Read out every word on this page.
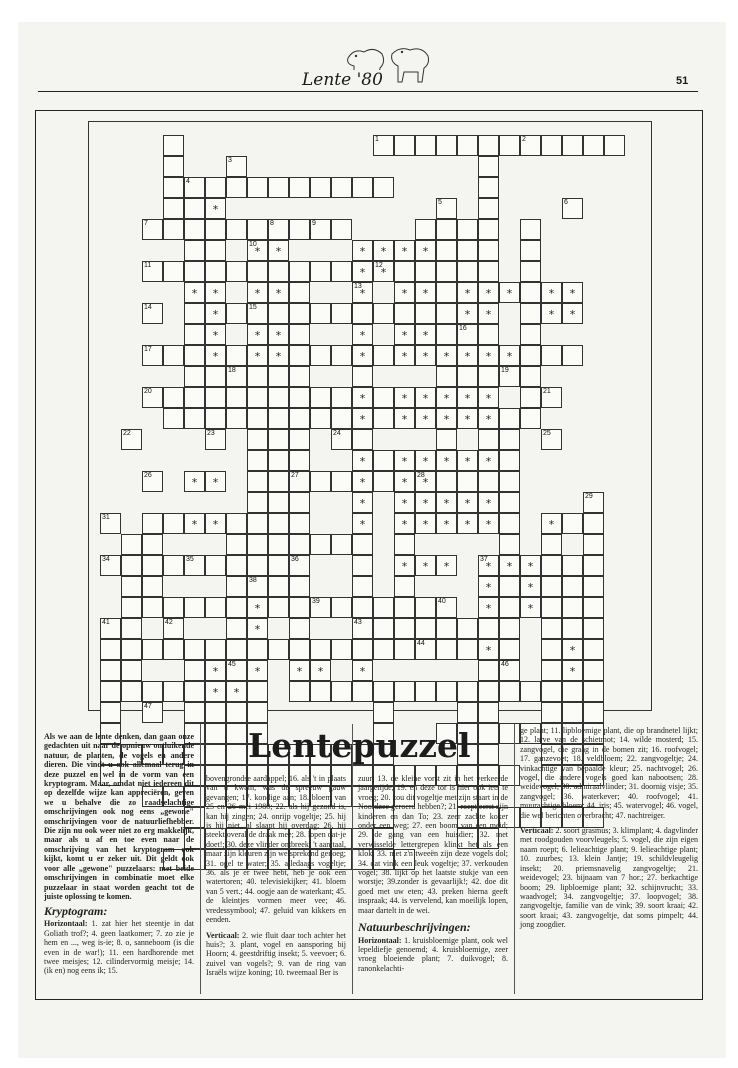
Lente '80	51
1	2
4
7	8	9
11
*	*
12
15
*	*
17
*	*	*	*	*	*	*	*	*
20
*	*	*	*	*	*
*	*	*	*	*	*
*	*	*	*	*	*
27
*	*	*
28
*	*	*
35
*
39
43
44
*
*
*
*
*
*
*
*
38
*
*
36
*
*
13
*
*
*
*
*
*
*
16
*
*
*
*
*
29
*
45
*
*
*
*
10
*	*	*	*
*	*	*	*	*
*	*
*	*
*	*
*	*	*
*	*	*	*	*
*	*	*
37
*
*	*
*	*
*	*	*
*
3
5	6
14
18	19
21
22	23	24	25
26
31
34
40
41	42
46
47
Lentepuzzel
Als we aan de lente denken, dan gaan onze gedachten uit naar de opnieuw ontluikende natuur, de planten, de vogels en andere dieren. Die vindt u ook allemaal terug in deze puzzel en wel in de vorm van een kryptogram. Maar, omdat niet iedereen dit op dezelfde wijze kan appreciëren, geven we u behalve die zo raadselachtige omschrijvingen ook nog eens „gewone" omschrijvingen voor de natuurliefhebber. Die zijn nu ook weer niet zo erg makkelijk, maar als u af en toe even naar de omschrijving van het kryptogram ook kijkt, komt u er zeker uit. Dit geldt ook voor alle „gewone" puzzelaars: met beide omschrijvingen in combinatie moet elke puzzelaar in staat worden geacht tot de juiste oplossing te komen.
Kryptogram:
Horizontaal: 1. zat hier het steentje in dat Goliath trof?; 4. geen laatkomer; 7. zo zie je hem en ..., weg is-ie; 8. o, sanneboom (is die even in de war!); 11. een hardhorende met twee meisjes; 12. cilindervormig meisje; 14. (ik en) nog eens ik; 15.
bovengrondse aardappel; 16. als 't in plaats van u kwam, was de spreeuw gauw gevangen; 17. kondige aan; 18. bloem van 25 en 26 mei 1980; 22. als hij gezond is, kan hij zingen; 24. onrijp vogeltje; 25. hij is hij niet, al slaapt hij overdag; 26. hij steekt overal de draak mee; 28. lopen dat-je doet!; 30. deze vlinder ontbreekt 't aan taal, maar zijn kleuren zijn welsprekend genoeg; 31. ogel te water; 35. alledaags vogeltje; 36. als je er twee hebt, heb je ook een watertoren; 40. televisiekijker; 41. bloem van 5 vert.; 44. oogje aan de waterkant; 45. de kleintjes vormen meer vee; 46. vredessymbool; 47. geluid van kikkers en eenden.
Verticaal: 2. wie fluit daar toch achter het huis?; 3. plant, vogel en aansporing bij Hoorn; 4. geestdriftig insekt; 5. veevoer; 6. zuivel van vogels?; 9. van de ring van Israëls wijze koning; 10. tweemaal Ber is
zuur; 13. de kleine vorst zit in het verkeerde jaargetijde; 19. en deze tor is hier ook iets te vroeg; 20. zou dit vogeltje met zijn staart in de Noordzee geroerd hebben?; 21. roept eerst zijn kinderen en dan To; 23. zeer zachte koker onder een weg; 27. een boom van een meid; 29. de gang van een huisdier; 32. met verwisselde lettergrepen klinkt het als een klok; 33. met z'n tweeën zijn deze vogels dol; 34. dat vin'k een leuk vogeltje; 37. verkouden vogel; 38. lijkt op het laatste stukje van een worstje; 39.zonder is gevaarlijk!; 42. doe dit goed met uw eten; 43. preken hierna geeft inspraak; 44. is vervelend, kan moeilijk lopen, maar dartelt in de wei.
Natuurbeschrijvingen:
Horizontaal: 1. kruisbloemige plant, ook wel lepeldiefje genoemd; 4. kruisbloemige, zeer vroeg bloeiende plant; 7. duikvogel; 8. ranonkelachti-
ge plant; 11. lipbloemige plant, die op brandnetel lijkt; 12. larve van de schietmot; 14. wilde mosterd; 15. zangvogel, die graag in de bomen zit; 16. roofvogel; 17. ganzevoet; 18. veldbloem; 22. zangvogeltje; 24. vinkachtige van bepaalde kleur; 25. nachtvogel; 26. vogel, die andere vogels goed kan nabootsen; 28. weidevogel; 30. admiraalvlinder; 31. doornig visje; 35. zangvogel; 36. waterkever; 40. roofvogel; 41. muurachtige bloem; 44. iris; 45. watervogel; 46. vogel, die wel berichten overbracht; 47. nachtreiger.
Verticaal: 2. soort grasmus; 3. klimplant; 4. dagvlinder met roodgouden voorvleugels; 5. vogel, die zijn eigen naam roept; 6. lelieachtige plant; 9. lelieachtige plant; 10. zuurbes; 13. klein Jantje; 19. schildvleugelig insekt; 20. priemsnavelig zangvogeltje; 21. weidevogel; 23. bijnaam van 7 hor.; 27. berkachtige boom; 29. lipbloemige plant; 32. schijnvrucht; 33. waadvogel; 34. zangvogeltje; 37. loopvogel; 38. zangvogeltje, familie van de vink; 39. soort kraai; 42. soort kraai; 43. zangvogeltje, dat soms pimpelt; 44. jong zoogdier.
